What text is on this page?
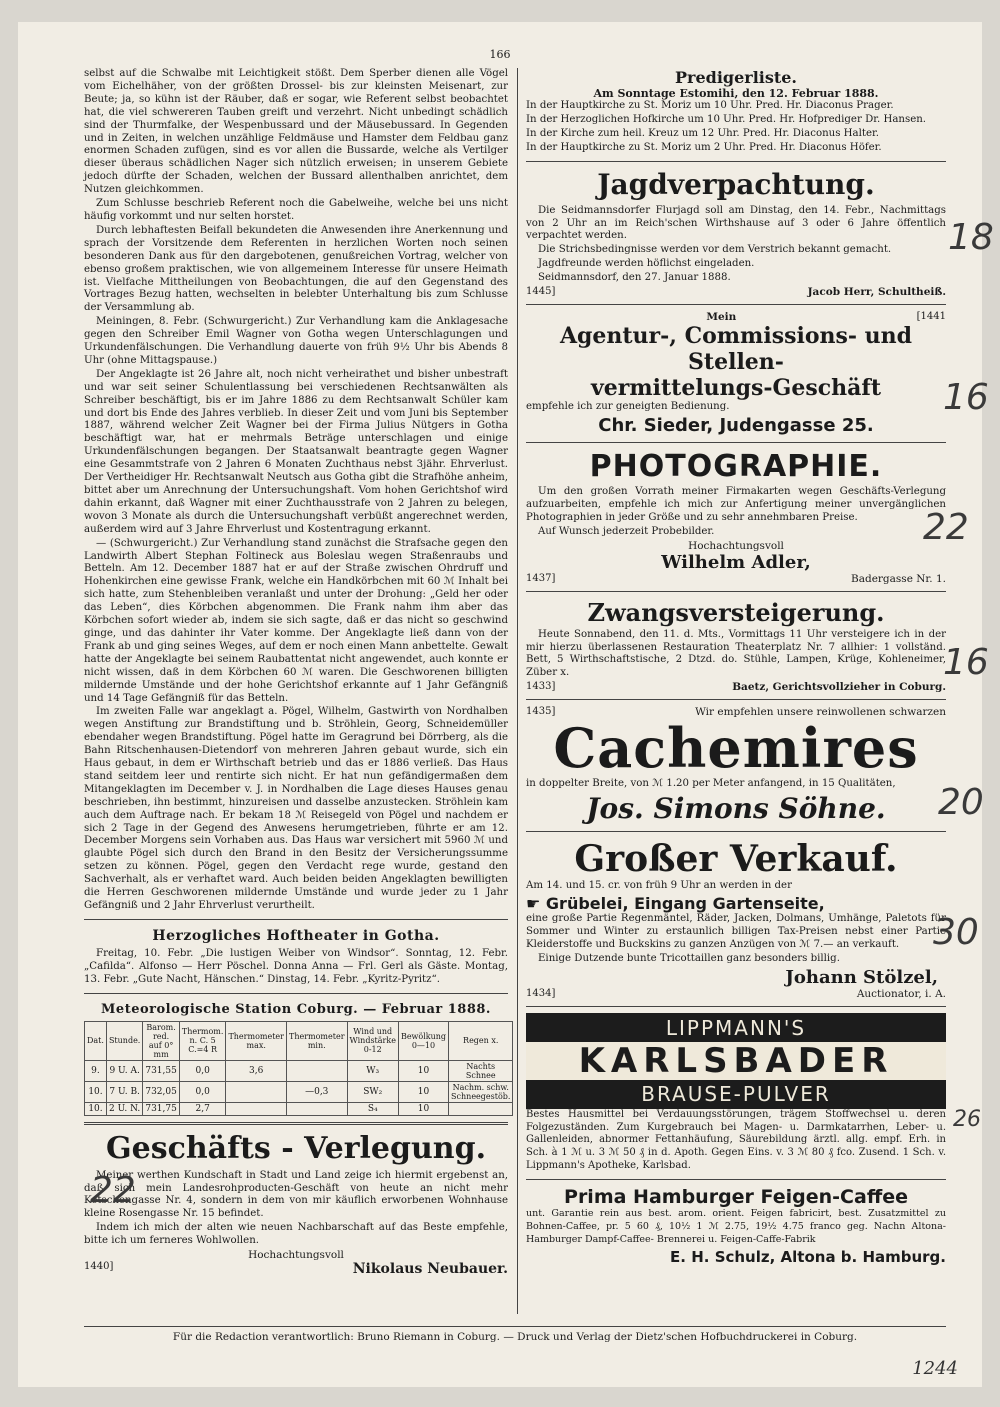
166

selbst auf die Schwalbe mit Leichtigkeit stößt. Dem Sperber dienen alle Vögel vom Eichelhäher, von der größten Drossel- bis zur kleinsten Meisenart, zur Beute; ja, so kühn ist der Räuber, daß er sogar, wie Referent selbst beobachtet hat, die viel schwereren Tauben greift und verzehrt. Nicht unbedingt schädlich sind der Thurmfalke, der Wespenbussard und der Mäusebussard. In Gegenden und in Zeiten, in welchen unzählige Feldmäuse und Hamster dem Feldbau ganz enormen Schaden zufügen, sind es vor allen die Bussarde, welche als Vertilger dieser überaus schädlichen Nager sich nützlich erweisen; in unserem Gebiete jedoch dürfte der Schaden, welchen der Bussard allenthalben anrichtet, dem Nutzen gleichkommen.

Zum Schlusse beschrieb Referent noch die Gabelweihe, welche bei uns nicht häufig vorkommt und nur selten horstet.

Durch lebhaftesten Beifall bekundeten die Anwesenden ihre Anerkennung und sprach der Vorsitzende dem Referenten in herzlichen Worten noch seinen besonderen Dank aus für den dargebotenen, genußreichen Vortrag, welcher von ebenso großem praktischen, wie von allgemeinem Interesse für unsere Heimath ist. Vielfache Mittheilungen von Beobachtungen, die auf den Gegenstand des Vortrages Bezug hatten, wechselten in belebter Unterhaltung bis zum Schlusse der Versammlung ab.

Meiningen, 8. Febr. (Schwurgericht.) Zur Verhandlung kam die Anklagesache gegen den Schreiber Emil Wagner von Gotha wegen Unterschlagungen und Urkundenfälschungen. Die Verhandlung dauerte von früh 9½ Uhr bis Abends 8 Uhr (ohne Mittagspause.)

Der Angeklagte ist 26 Jahre alt, noch nicht verheirathet und bisher unbestraft und war seit seiner Schulentlassung bei verschiedenen Rechtsanwälten als Schreiber beschäftigt, bis er im Jahre 1886 zu dem Rechtsanwalt Schüler kam und dort bis Ende des Jahres verblieb. In dieser Zeit und vom Juni bis September 1887, während welcher Zeit Wagner bei der Firma Julius Nütgers in Gotha beschäftigt war, hat er mehrmals Beträge unterschlagen und einige Urkundenfälschungen begangen. Der Staatsanwalt beantragte gegen Wagner eine Gesammtstrafe von 2 Jahren 6 Monaten Zuchthaus nebst 3jähr. Ehrverlust. Der Vertheidiger Hr. Rechtsanwalt Neutsch aus Gotha gibt die Strafhöhe anheim, bittet aber um Anrechnung der Untersuchungshaft. Vom hohen Gerichtshof wird dahin erkannt, daß Wagner mit einer Zuchthausstrafe von 2 Jahren zu belegen, wovon 3 Monate als durch die Untersuchungshaft verbüßt angerechnet werden, außerdem wird auf 3 Jahre Ehrverlust und Kostentragung erkannt.

— (Schwurgericht.) Zur Verhandlung stand zunächst die Strafsache gegen den Landwirth Albert Stephan Foltineck aus Boleslau wegen Straßenraubs und Betteln. Am 12. December 1887 hat er auf der Straße zwischen Ohrdruff und Hohenkirchen eine gewisse Frank, welche ein Handkörbchen mit 60 ℳ Inhalt bei sich hatte, zum Stehenbleiben veranlaßt und unter der Drohung: „Geld her oder das Leben“, dies Körbchen abgenommen. Die Frank nahm ihm aber das Körbchen sofort wieder ab, indem sie sich sagte, daß er das nicht so geschwind ginge, und das dahinter ihr Vater komme. Der Angeklagte ließ dann von der Frank ab und ging seines Weges, auf dem er noch einen Mann anbettelte. Gewalt hatte der Angeklagte bei seinem Raubattentat nicht angewendet, auch konnte er nicht wissen, daß in dem Körbchen 60 ℳ waren. Die Geschworenen billigten mildernde Umstände und der hohe Gerichtshof erkannte auf 1 Jahr Gefängniß und 14 Tage Gefängniß für das Betteln.

Im zweiten Falle war angeklagt a. Pögel, Wilhelm, Gastwirth von Nordhalben wegen Anstiftung zur Brandstiftung und b. Ströhlein, Georg, Schneidemüller ebendaher wegen Brandstiftung. Pögel hatte im Geragrund bei Dörrberg, als die Bahn Ritschenhausen-Dietendorf von mehreren Jahren gebaut wurde, sich ein Haus gebaut, in dem er Wirthschaft betrieb und das er 1886 verließ. Das Haus stand seitdem leer und rentirte sich nicht. Er hat nun gefändigermaßen dem Mitangeklagten im December v. J. in Nordhalben die Lage dieses Hauses genau beschrieben, ihn bestimmt, hinzureisen und dasselbe anzustecken. Ströhlein kam auch dem Auftrage nach. Er bekam 18 ℳ Reisegeld von Pögel und nachdem er sich 2 Tage in der Gegend des Anwesens herumgetrieben, führte er am 12. December Morgens sein Vorhaben aus. Das Haus war versichert mit 5960 ℳ und glaubte Pögel sich durch den Brand in den Besitz der Versicherungssumme setzen zu können. Pögel, gegen den Verdacht rege wurde, gestand den Sachverhalt, als er verhaftet ward. Auch beiden beiden Angeklagten bewilligten die Herren Geschworenen mildernde Umstände und wurde jeder zu 1 Jahr Gefängniß und 2 Jahr Ehrverlust verurtheilt.

Herzogliches Hoftheater in Gotha.

Freitag, 10. Febr. „Die lustigen Weiber von Windsor“. Sonntag, 12. Febr. „Cafilda“. Alfonso — Herr Pöschel. Donna Anna — Frl. Gerl als Gäste. Montag, 13. Febr. „Gute Nacht, Hänschen.“ Dinstag, 14. Febr. „Kyritz-Pyritz“.

Meteorologische Station Coburg. — Februar 1888.
Dat.	Stunde.	Barom. red. auf 0° mm	Thermom. n. C. 5 C.=4 R	Thermometer max.	Thermometer min.	Wind und Windstärke 0-12	Bewölkung 0—10	Regen x.
9.	9 U. A.	731,55	0,0	3,6		W₃	10	Nachts Schnee
10.	7 U. B.	732,05	0,0		—0,3	SW₂	10	Nachm. schw. Schneegestöb.
10.	2 U. N.	731,75	2,7			S₄	10	
Geschäfts - Verlegung.

Meiner werthen Kundschaft in Stadt und Land zeige ich hiermit ergebenst an, daß sich mein Landesrohproducten-Geschäft von heute an nicht mehr Ketschengasse Nr. 4, sondern in dem von mir käuflich erworbenen Wohnhause kleine Rosengasse Nr. 15 befindet.

Indem ich mich der alten wie neuen Nachbarschaft auf das Beste empfehle, bitte ich um ferneres Wohlwollen.

Hochachtungsvoll
1440]	Nikolaus Neubauer.
Predigerliste.
Am Sonntage Estomihi, den 12. Februar 1888.

In der Hauptkirche zu St. Moriz um 10 Uhr. Pred. Hr. Diaconus Prager.

In der Herzoglichen Hofkirche um 10 Uhr. Pred. Hr. Hofprediger Dr. Hansen.

In der Kirche zum heil. Kreuz um 12 Uhr. Pred. Hr. Diaconus Halter.

In der Hauptkirche zu St. Moriz um 2 Uhr. Pred. Hr. Diaconus Höfer.

Jagdverpachtung.

Die Seidmannsdorfer Flurjagd soll am Dinstag, den 14. Febr., Nachmittags von 2 Uhr an im Reich'schen Wirthshause auf 3 oder 6 Jahre öffentlich verpachtet werden.

Die Strichsbedingnisse werden vor dem Verstrich bekannt gemacht.

Jagdfreunde werden höflichst eingeladen.

Seidmannsdorf, den 27. Januar 1888.

1445]	Jacob Herr, Schultheiß.
Mein	[1441
Agentur-, Commissions- und Stellen-
vermittelungs-Geschäft

empfehle ich zur geneigten Bedienung.

Chr. Sieder, Judengasse 25.
PHOTOGRAPHIE.

Um den großen Vorrath meiner Firmakarten wegen Geschäfts-Verlegung aufzuarbeiten, empfehle ich mich zur Anfertigung meiner unvergänglichen Photographien in jeder Größe und zu sehr annehmbaren Preise.

Auf Wunsch jederzeit Probebilder.

Hochachtungsvoll
Wilhelm Adler,
1437]	Badergasse Nr. 1.
Zwangsversteigerung.

Heute Sonnabend, den 11. d. Mts., Vormittags 11 Uhr versteigere ich in der mir hierzu überlassenen Restauration Theaterplatz Nr. 7 allhier: 1 vollständ. Bett, 5 Wirthschaftstische, 2 Dtzd. do. Stühle, Lampen, Krüge, Kohleneimer, Züber x.

1433]	Baetz, Gerichtsvollzieher in Coburg.
1435]	Wir empfehlen unsere reinwollenen schwarzen
Cachemires

in doppelter Breite, von ℳ 1.20 per Meter anfangend, in 15 Qualitäten,

Jos. Simons Söhne.
Großer Verkauf.

Am 14. und 15. cr. von früh 9 Uhr an werden in der

☛ Grübelei, Eingang Gartenseite,

eine große Partie Regenmäntel, Räder, Jacken, Dolmans, Umhänge, Paletots für Sommer und Winter zu erstaunlich billigen Tax-Preisen nebst einer Partie Kleiderstoffe und Buckskins zu ganzen Anzügen von ℳ 7.— an verkauft.

Einige Dutzende bunte Tricottaillen ganz besonders billig.

Johann Stölzel,
1434]	Auctionator, i. A.
LIPPMANN'S
KARLSBADER
BRAUSE-PULVER

Bestes Hausmittel bei Verdauungsstörungen, trägem Stoffwechsel u. deren Folgezuständen. Zum Kurgebrauch bei Magen- u. Darmkatarrhen, Leber- u. Gallenleiden, abnormer Fettanhäufung, Säurebildung ärztl. allg. empf. Erh. in Sch. à 1 ℳ u. 3 ℳ 50 ₰ in d. Apoth. Gegen Eins. v. 3 ℳ 80 ₰ fco. Zusend. 1 Sch. v. Lippmann's Apotheke, Karlsbad.

Prima Hamburger Feigen-Caffee

unt. Garantie rein aus best. arom. orient. Feigen fabricirt, best. Zusatzmittel zu Bohnen-Caffee, pr. 5 60 ₰, 10½ 1 ℳ 2.75, 19½ 4.75 franco geg. Nachn Altona-Hamburger Dampf-Caffee- Brennerei u. Feigen-Caffe-Fabrik

E. H. Schulz, Altona b. Hamburg.
18
16
22
16
20
30
26
22
Für die Redaction verantwortlich: Bruno Riemann in Coburg. — Druck und Verlag der Dietz'schen Hofbuchdruckerei in Coburg.
1244
